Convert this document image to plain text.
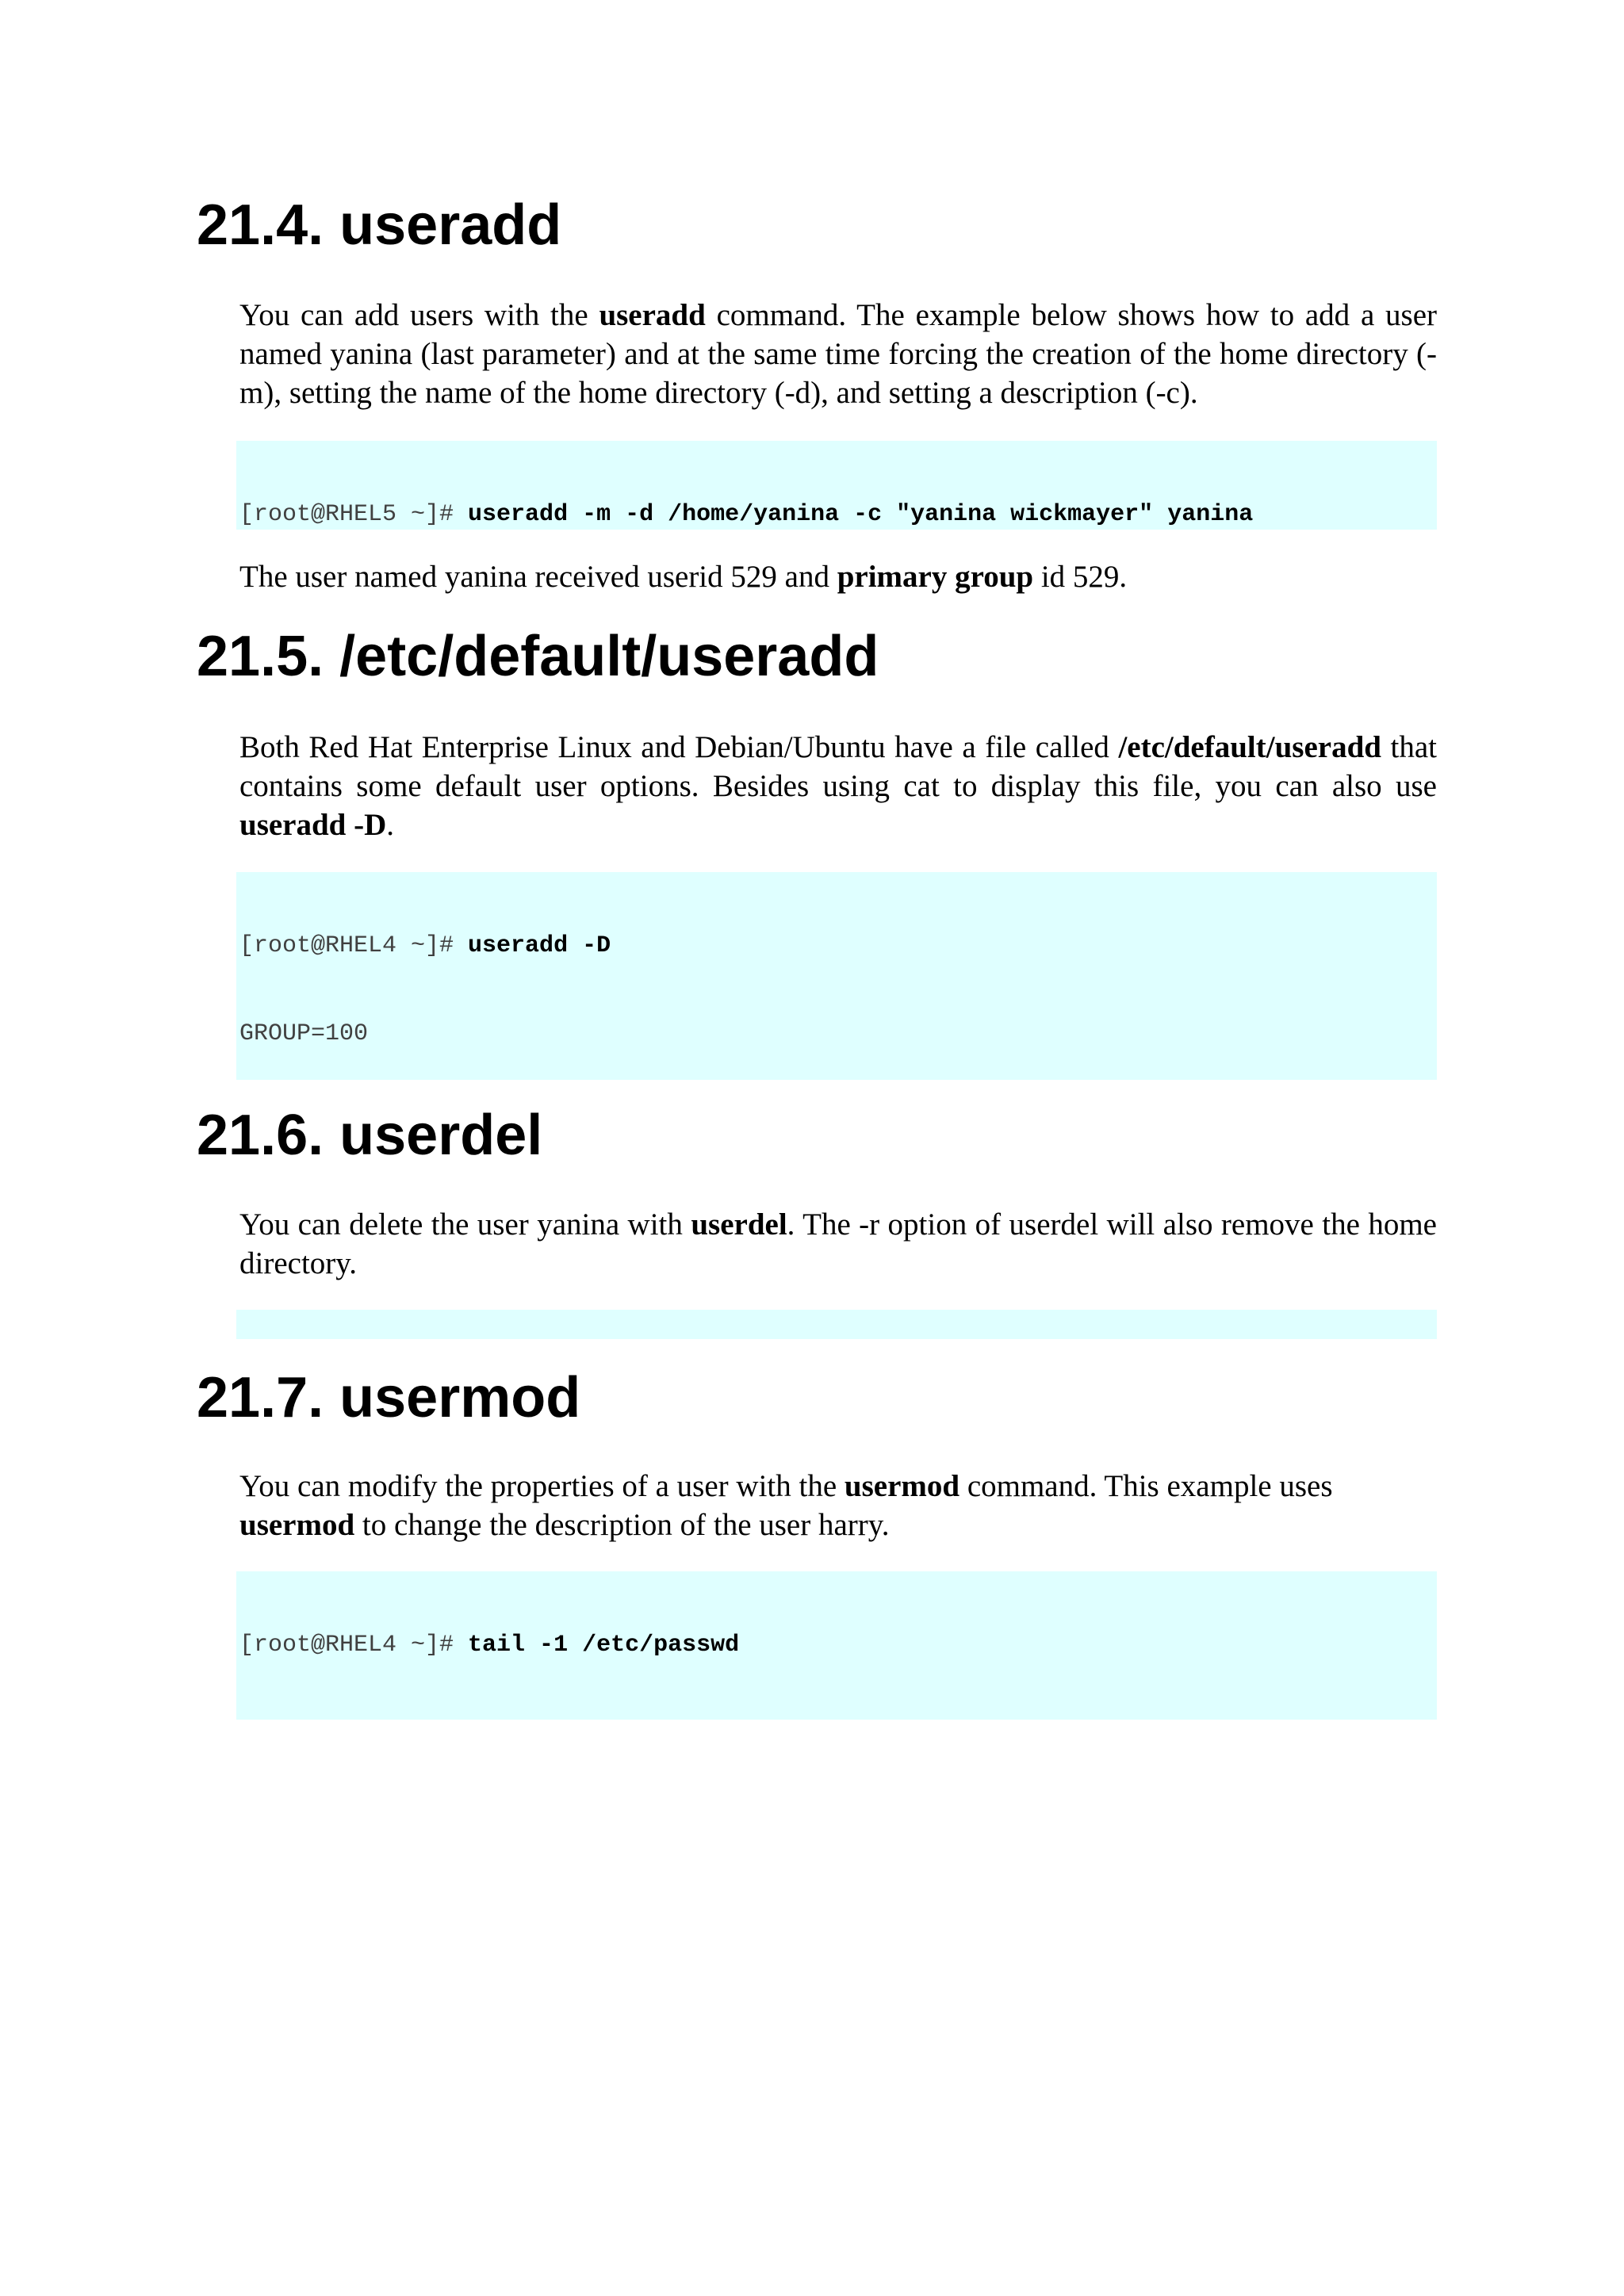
21.4. useradd

You can add users with the useradd command. The example below shows how to add a user named yanina (last parameter) and at the same time forcing the creation of the home directory (-m), setting the name of the home directory (-d), and setting a description (-c).

[root@RHEL5 ~]# useradd -m -d /home/yanina -c "yanina wickmayer" yanina

The user named yanina received userid 529 and primary group id 529.

21.5. /etc/default/useradd

Both Red Hat Enterprise Linux and Debian/Ubuntu have a file called /etc/default/useradd that contains some default user options. Besides using cat to display this file, you can also use useradd -D.

[root@RHEL4 ~]# useradd -D

GROUP=100

21.6. userdel

You can delete the user yanina with userdel. The -r option of userdel will also remove the home directory.

21.7. usermod

You can modify the properties of a user with the usermod command. This example uses usermod to change the description of the user harry.

[root@RHEL4 ~]# tail -1 /etc/passwd
